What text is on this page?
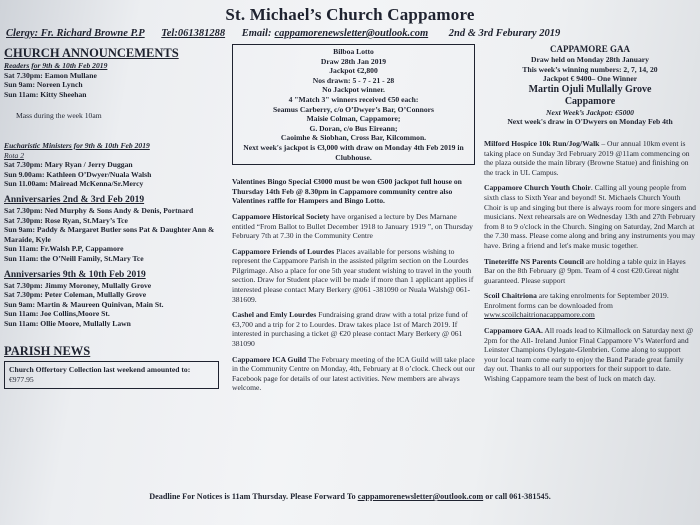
St. Michael’s Church Cappamore
Clergy: Fr. Richard Browne P.P Tel:061381288 Email: cappamorenewsletter@outlook.com 2nd & 3rd Feburary 2019
CHURCH ANNOUNCEMENTS

Readers for 9th & 10th Feb 2019

Sat 7.30pm: Eamon Mullane

Sun 9am: Noreen Lynch

Sun 11am: Kitty Sheehan

Mass during the week 10am

Eucharistic Ministers for 9th & 10th Feb 2019

Rota 2

Sat 7.30pm: Mary Ryan / Jerry Duggan

Sun 9.00am: Kathleen O’Dwyer/Nuala Walsh

Sun 11.00am: Mairead McKenna/Sr.Mercy

Anniversaries 2nd & 3rd Feb 2019

Sat 7.30pm: Ned Murphy & Sons Andy & Denis, Portnard

Sat 7.30pm: Rose Ryan, St.Mary’s Tce

Sun 9am: Paddy & Margaret Butler sons Pat & Daughter Ann & Maraide, Kyle

Sun 11am: Fr.Walsh P.P, Cappamore

Sun 11am: the O’Neill Family, St.Mary Tce

Anniversaries 9th & 10th Feb 2019

Sat 7.30pm: Jimmy Moroney, Mullally Grove

Sat 7.30pm: Peter Coleman, Mullally Grove

Sun 9am: Martin & Maureen Quinivan, Main St.

Sun 11am: Joe Collins,Moore St.

Sun 11am: Ollie Moore, Mullally Lawn

PARISH NEWS

Church Offertory Collection last weekend amounted to:

€977.95

Bilboa Lotto

Draw 28th Jan 2019

Jackpot €2,800

Nos drawn: 5 - 7 - 21 - 28

No Jackpot winner.

4 "Match 3" winners received €50 each:

Seamus Carberry, c/o O’Dwyer’s Bar, O’Connors

Maisie Colman, Cappamore;

G. Doran, c/o Bus Eireann;

Caoimhe & Siobhan, Cross Bar, Kilcommon.

Next week's jackpot is €3,000 with draw on Monday 4th Feb 2019 in Clubhouse.

Valentines Bingo Special €3000 must be won €500 jackpot full house on Thursday 14th Feb @ 8.30pm in Cappamore community centre also Valentines raffle for Hampers and Bingo Lotto.

Cappamore Historical Society have organised a lecture by Des Marnane entitled “From Ballot to Bullet December 1918 to January 1919 ”, on Thursday February 7th at 7.30 in the Community Centre

Cappamore Friends of Lourdes Places available for persons wishing to represent the Cappamore Parish in the assisted pilgrim section on the Lourdes Pilgrimage. Also a place for one 5th year student wishing to travel in the youth section. Draw for Student place will be made if more than 1 applicant applies if interested please contact Mary Berkery @061 -381090 or Nuala Walsh@ 061-381609.

Cashel and Emly Lourdes Fundraising grand draw with a total prize fund of €3,700 and a trip for 2 to Lourdes. Draw takes place 1st of March 2019. If interested in purchasing a ticket @ €20 please contact Mary Berkery @ 061 381090

Cappamore ICA Guild The February meeting of the ICA Guild will take place in the Community Centre on Monday, 4th, February at 8 o’clock. Check out our Facebook page for details of our latest activities. New members are always welcome.

CAPPAMORE GAA

Draw held on Monday 28th January

This week’s winning numbers: 2, 7, 14, 20

Jackpot € 9400– One Winner

Martin Ojuli Mullally Grove

Cappamore

Next Week’s Jackpot: €5000

Next week's draw in O'Dwyers on Monday Feb 4th

Milford Hospice 10k Run/Jog/Walk – Our annual 10km event is taking place on Sunday 3rd February 2019 @11am commencing on the plaza outside the main library (Browne Statue) and finishing on the track in UL Campus.

Cappamore Church Youth Choir. Calling all young people from sixth class to Sixth Year and beyond! St. Michaels Church Youth Choir is up and singing but there is always room for more singers and musicians. Next rehearsals are on Wednesday 13th and 27th February from 8 to 9 o'clock in the Church. Singing on Saturday, 2nd March at the 7.30 mass. Please come along and bring any instruments you may have. Bring a friend and let's make music together.

Tineteriffe NS Parents Council are holding a table quiz in Hayes Bar on the 8th February @ 9pm. Team of 4 cost €20.Great night guaranteed. Please support

Scoil Chaitriona are taking enrolments for September 2019. Enrolment forms can be downloaded from www.scoilchaitrionacappamore.com

Cappamore GAA. All roads lead to Kilmallock on Saturday next @ 2pm for the All- Ireland Junior Final Cappamore V's Waterford and Leinster Champions Oylegate-Glenbrien. Come along to support your local team come early to enjoy the Band Parade great family day out. Thanks to all our supporters for their support to date. Wishing Cappamore team the best of luck on match day.

Deadline For Notices is 11am Thursday. Please Forward To cappamorenewsletter@outlook.com or call 061-381545.
